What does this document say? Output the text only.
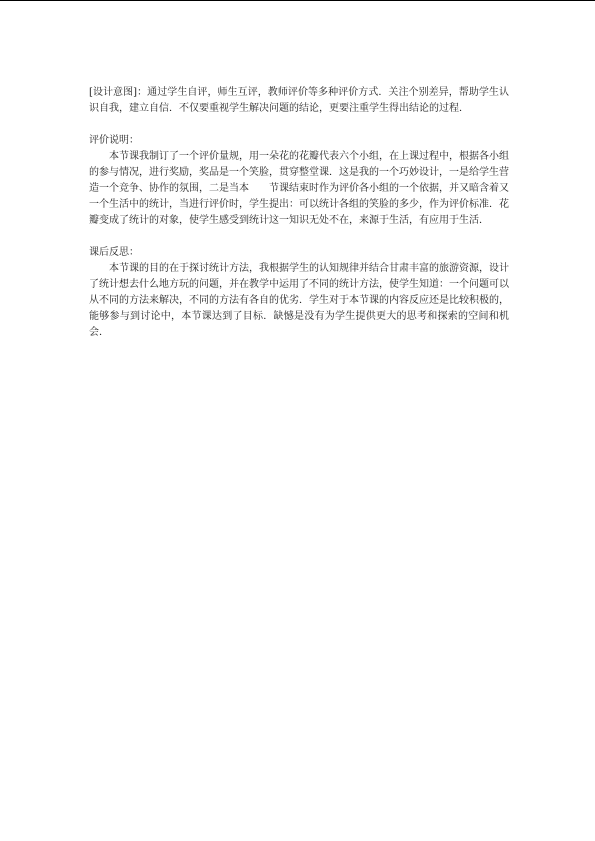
[设计意图]：通过学生自评，师生互评，教师评价等多种评价方式．关注个别差异，帮助学生认识自我，建立自信．不仅要重视学生解决问题的结论，更要注重学生得出结论的过程．

评价说明：

本节课我制订了一个评价量规，用一朵花的花瓣代表六个小组，在上课过程中，根据各小组的参与情况，进行奖励，奖品是一个笑脸，贯穿整堂课．这是我的一个巧妙设计，一是给学生营造一个竞争、协作的氛围，二是当本　　节课结束时作为评价各小组的一个依据，并又暗含着又一个生活中的统计，当进行评价时，学生提出：可以统计各组的笑脸的多少，作为评价标准．花瓣变成了统计的对象，使学生感受到统计这一知识无处不在，来源于生活，有应用于生活．

课后反思：

本节课的目的在于探讨统计方法，我根据学生的认知规律并结合甘肃丰富的旅游资源，设计了统计想去什么地方玩的问题，并在教学中运用了不同的统计方法，使学生知道：一个问题可以从不同的方法来解决，不同的方法有各自的优劣．学生对于本节课的内容反应还是比较积极的，能够参与到讨论中，本节课达到了目标．缺憾是没有为学生提供更大的思考和探索的空间和机会．
